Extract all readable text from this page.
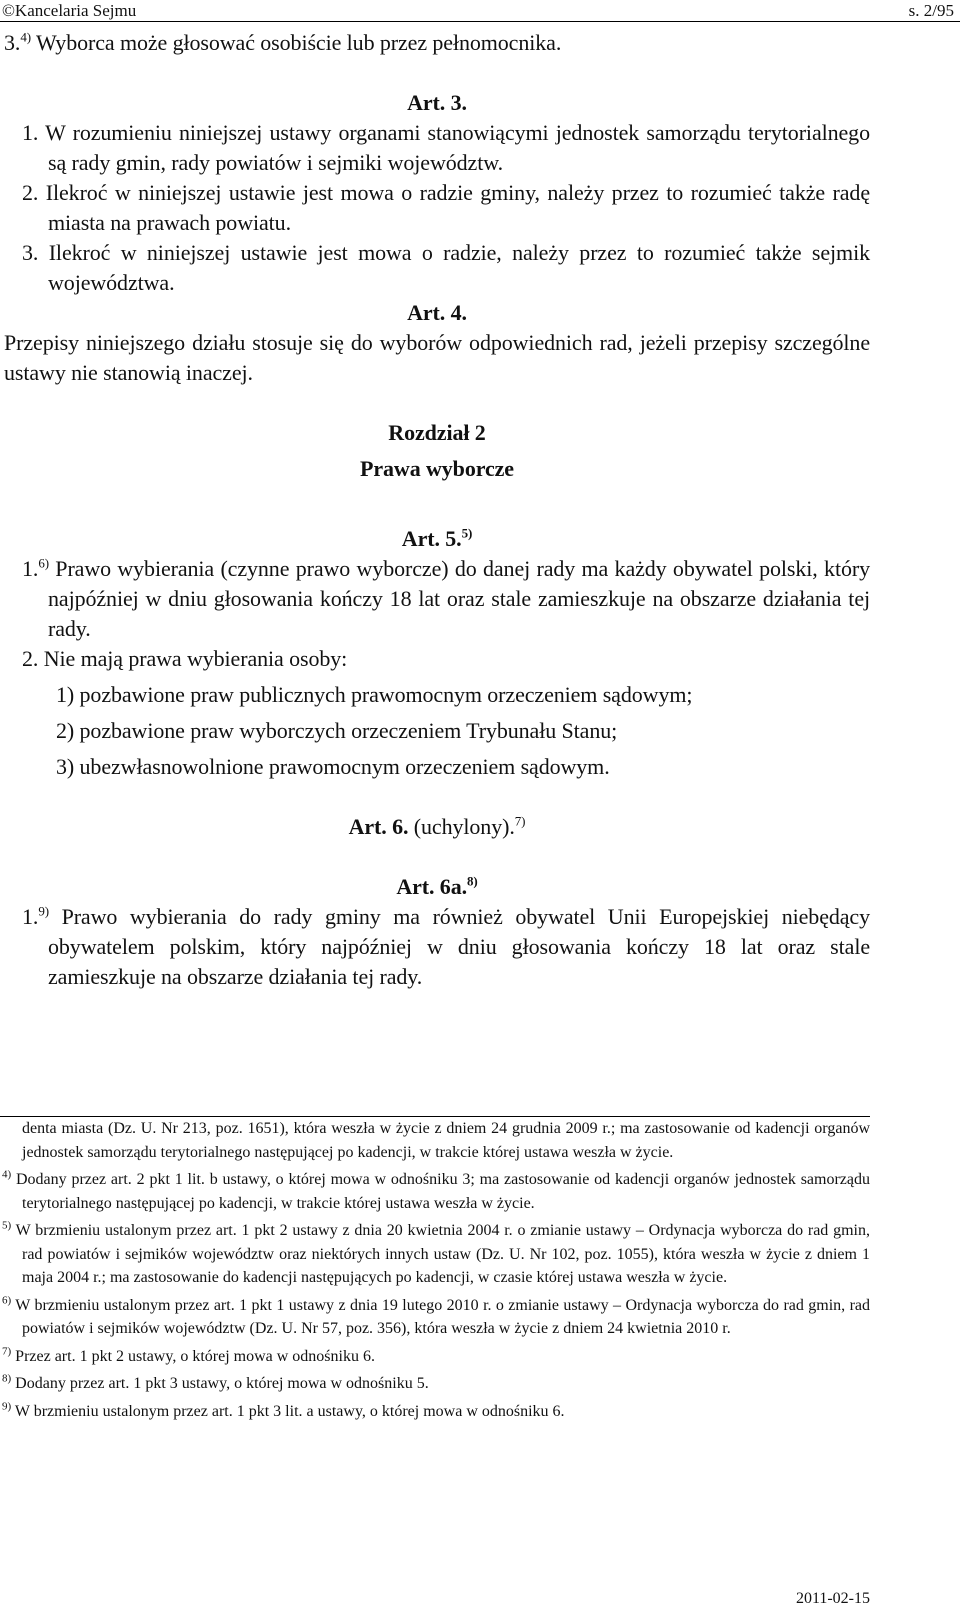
©Kancelaria Sejmu	s. 2/95

3.$^{4)}$ Wyborca może głosować osobiście lub przez pełnomocnika.

Art. 3.

1. W rozumieniu niniejszej ustawy organami stanowiącymi jednostek samorządu terytorialnego są rady gmin, rady powiatów i sejmiki województw.

2. Ilekroć w niniejszej ustawie jest mowa o radzie gminy, należy przez to rozumieć także radę miasta na prawach powiatu.

3. Ilekroć w niniejszej ustawie jest mowa o radzie, należy przez to rozumieć także sejmik województwa.

Art. 4.

Przepisy niniejszego działu stosuje się do wyborów odpowiednich rad, jeżeli przepisy szczególne ustawy nie stanowią inaczej.

Rozdział 2

Prawa wyborcze

Art. 5.$^{5)}$

1.$^{6)}$ Prawo wybierania (czynne prawo wyborcze) do danej rady ma każdy obywatel polski, który najpóźniej w dniu głosowania kończy 18 lat oraz stale zamieszkuje na obszarze działania tej rady.

2. Nie mają prawa wybierania osoby:

1) pozbawione praw publicznych prawomocnym orzeczeniem sądowym;

2) pozbawione praw wyborczych orzeczeniem Trybunału Stanu;

3) ubezwłasnowolnione prawomocnym orzeczeniem sądowym.

Art. 6. (uchylony).$^{7)}$

Art. 6a.$^{8)}$

1.$^{9)}$ Prawo wybierania do rady gminy ma również obywatel Unii Europejskiej niebędący obywatelem polskim, który najpóźniej w dniu głosowania kończy 18 lat oraz stale zamieszkuje na obszarze działania tej rady.

denta miasta (Dz. U. Nr 213, poz. 1651), która weszła w życie z dniem 24 grudnia 2009 r.; ma zastosowanie od kadencji organów jednostek samorządu terytorialnego następującej po kadencji, w trakcie której ustawa weszła w życie.

$^{4)}$ Dodany przez art. 2 pkt 1 lit. b ustawy, o której mowa w odnośniku 3; ma zastosowanie od kadencji organów jednostek samorządu terytorialnego następującej po kadencji, w trakcie której ustawa weszła w życie.

$^{5)}$ W brzmieniu ustalonym przez art. 1 pkt 2 ustawy z dnia 20 kwietnia 2004 r. o zmianie ustawy – Ordynacja wyborcza do rad gmin, rad powiatów i sejmików województw oraz niektórych innych ustaw (Dz. U. Nr 102, poz. 1055), która weszła w życie z dniem 1 maja 2004 r.; ma zastosowanie do kadencji następujących po kadencji, w czasie której ustawa weszła w życie.

$^{6)}$ W brzmieniu ustalonym przez art. 1 pkt 1 ustawy z dnia 19 lutego 2010 r. o zmianie ustawy – Ordynacja wyborcza do rad gmin, rad powiatów i sejmików województw (Dz. U. Nr 57, poz. 356), która weszła w życie z dniem 24 kwietnia 2010 r.

$^{7)}$ Przez art. 1 pkt 2 ustawy, o której mowa w odnośniku 6.

$^{8)}$ Dodany przez art. 1 pkt 3 ustawy, o której mowa w odnośniku 5.

$^{9)}$ W brzmieniu ustalonym przez art. 1 pkt 3 lit. a ustawy, o której mowa w odnośniku 6.

2011-02-15
